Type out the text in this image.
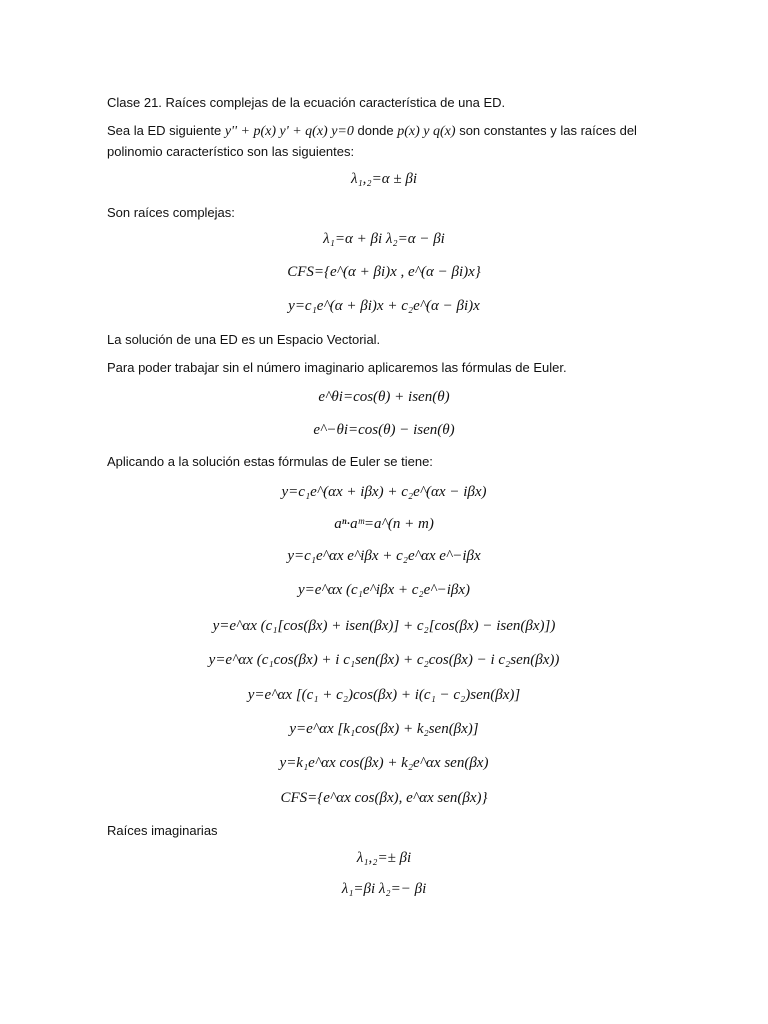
Clase 21. Raíces complejas de la ecuación característica de una ED.
Sea la ED siguiente y'' + p(x) y' + q(x) y=0 donde p(x) y q(x) son constantes y las raíces del polinomio característico son las siguientes:
λ₁,₂=α ± βi
Son raíces complejas:
λ₁=α + βi λ₂=α − βi
CFS={e^(α + βi)x , e^(α − βi)x}
y=c₁e^(α + βi)x + c₂e^(α − βi)x
La solución de una ED es un Espacio Vectorial.
Para poder trabajar sin el número imaginario aplicaremos las fórmulas de Euler.
e^θi=cos(θ) + isen(θ)
e^−θi=cos(θ) − isen(θ)
Aplicando a la solución estas fórmulas de Euler se tiene:
y=c₁e^(αx + iβx) + c₂e^(αx − iβx)
aⁿ·aᵐ=a^(n + m)
y=c₁e^αx e^iβx + c₂e^αx e^−iβx
y=e^αx (c₁e^iβx + c₂e^−iβx)
y=e^αx (c₁[cos(βx) + isen(βx)] + c₂[cos(βx) − isen(βx)])
y=e^αx (c₁cos(βx) + i c₁sen(βx) + c₂cos(βx) − i c₂sen(βx))
y=e^αx [(c₁ + c₂)cos(βx) + i(c₁ − c₂)sen(βx)]
y=e^αx [k₁cos(βx) + k₂sen(βx)]
y=k₁e^αx cos(βx) + k₂e^αx sen(βx)
CFS={e^αx cos(βx), e^αx sen(βx)}
Raíces imaginarias
λ₁,₂=± βi
λ₁=βi λ₂=− βi
